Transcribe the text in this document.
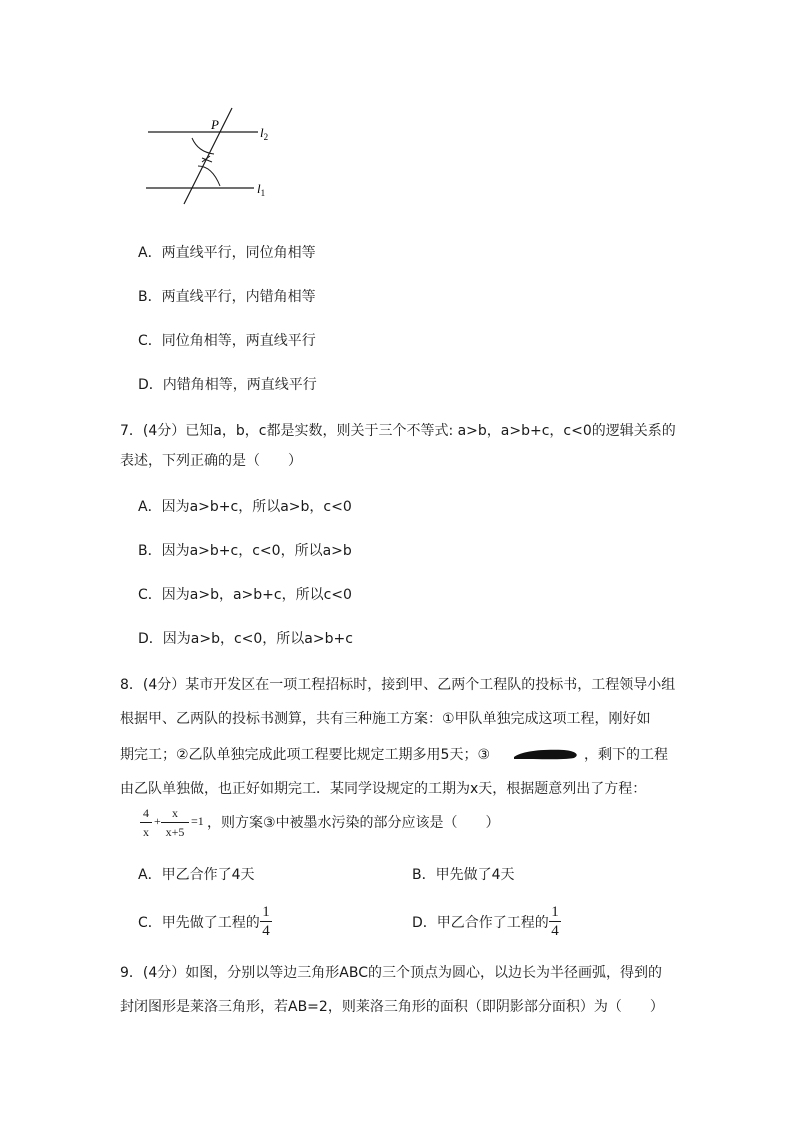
P
$l_2$
$l_1$
A．两直线平行，同位角相等
B．两直线平行，内错角相等
C．同位角相等，两直线平行
D．内错角相等，两直线平行
7．(4分）已知a，b，c都是实数，则关于三个不等式: a>b，a>b+c，c<0的逻辑关系的
表述，下列正确的是（　　）
A．因为a>b+c，所以a>b，c<0
B．因为a>b+c，c<0，所以a>b
C．因为a>b，a>b+c，所以c<0
D．因为a>b，c<0，所以a>b+c
8．(4分）某市开发区在一项工程招标时，接到甲、乙两个工程队的投标书，工程领导小组
根据甲、乙两队的投标书测算，共有三种施工方案：①甲队单独完成这项工程，刚好如
期完工；②乙队单独完成此项工程要比规定工期多用5天；③	，剩下的工程
由乙队单独做，也正好如期完工．某同学设规定的工期为x天，根据题意列出了方程：
4
x
+
x
x+5
=1 ，则方案③中被墨水污染的部分应该是（　　）
A．甲乙合作了4天	B．甲先做了4天
C．甲先做了工程的
1
4	D．甲乙合作了工程的
1
4
9．(4分）如图，分别以等边三角形ABC的三个顶点为圆心，以边长为半径画弧，得到的
封闭图形是莱洛三角形，若AB=2，则莱洛三角形的面积（即阴影部分面积）为（　　）
